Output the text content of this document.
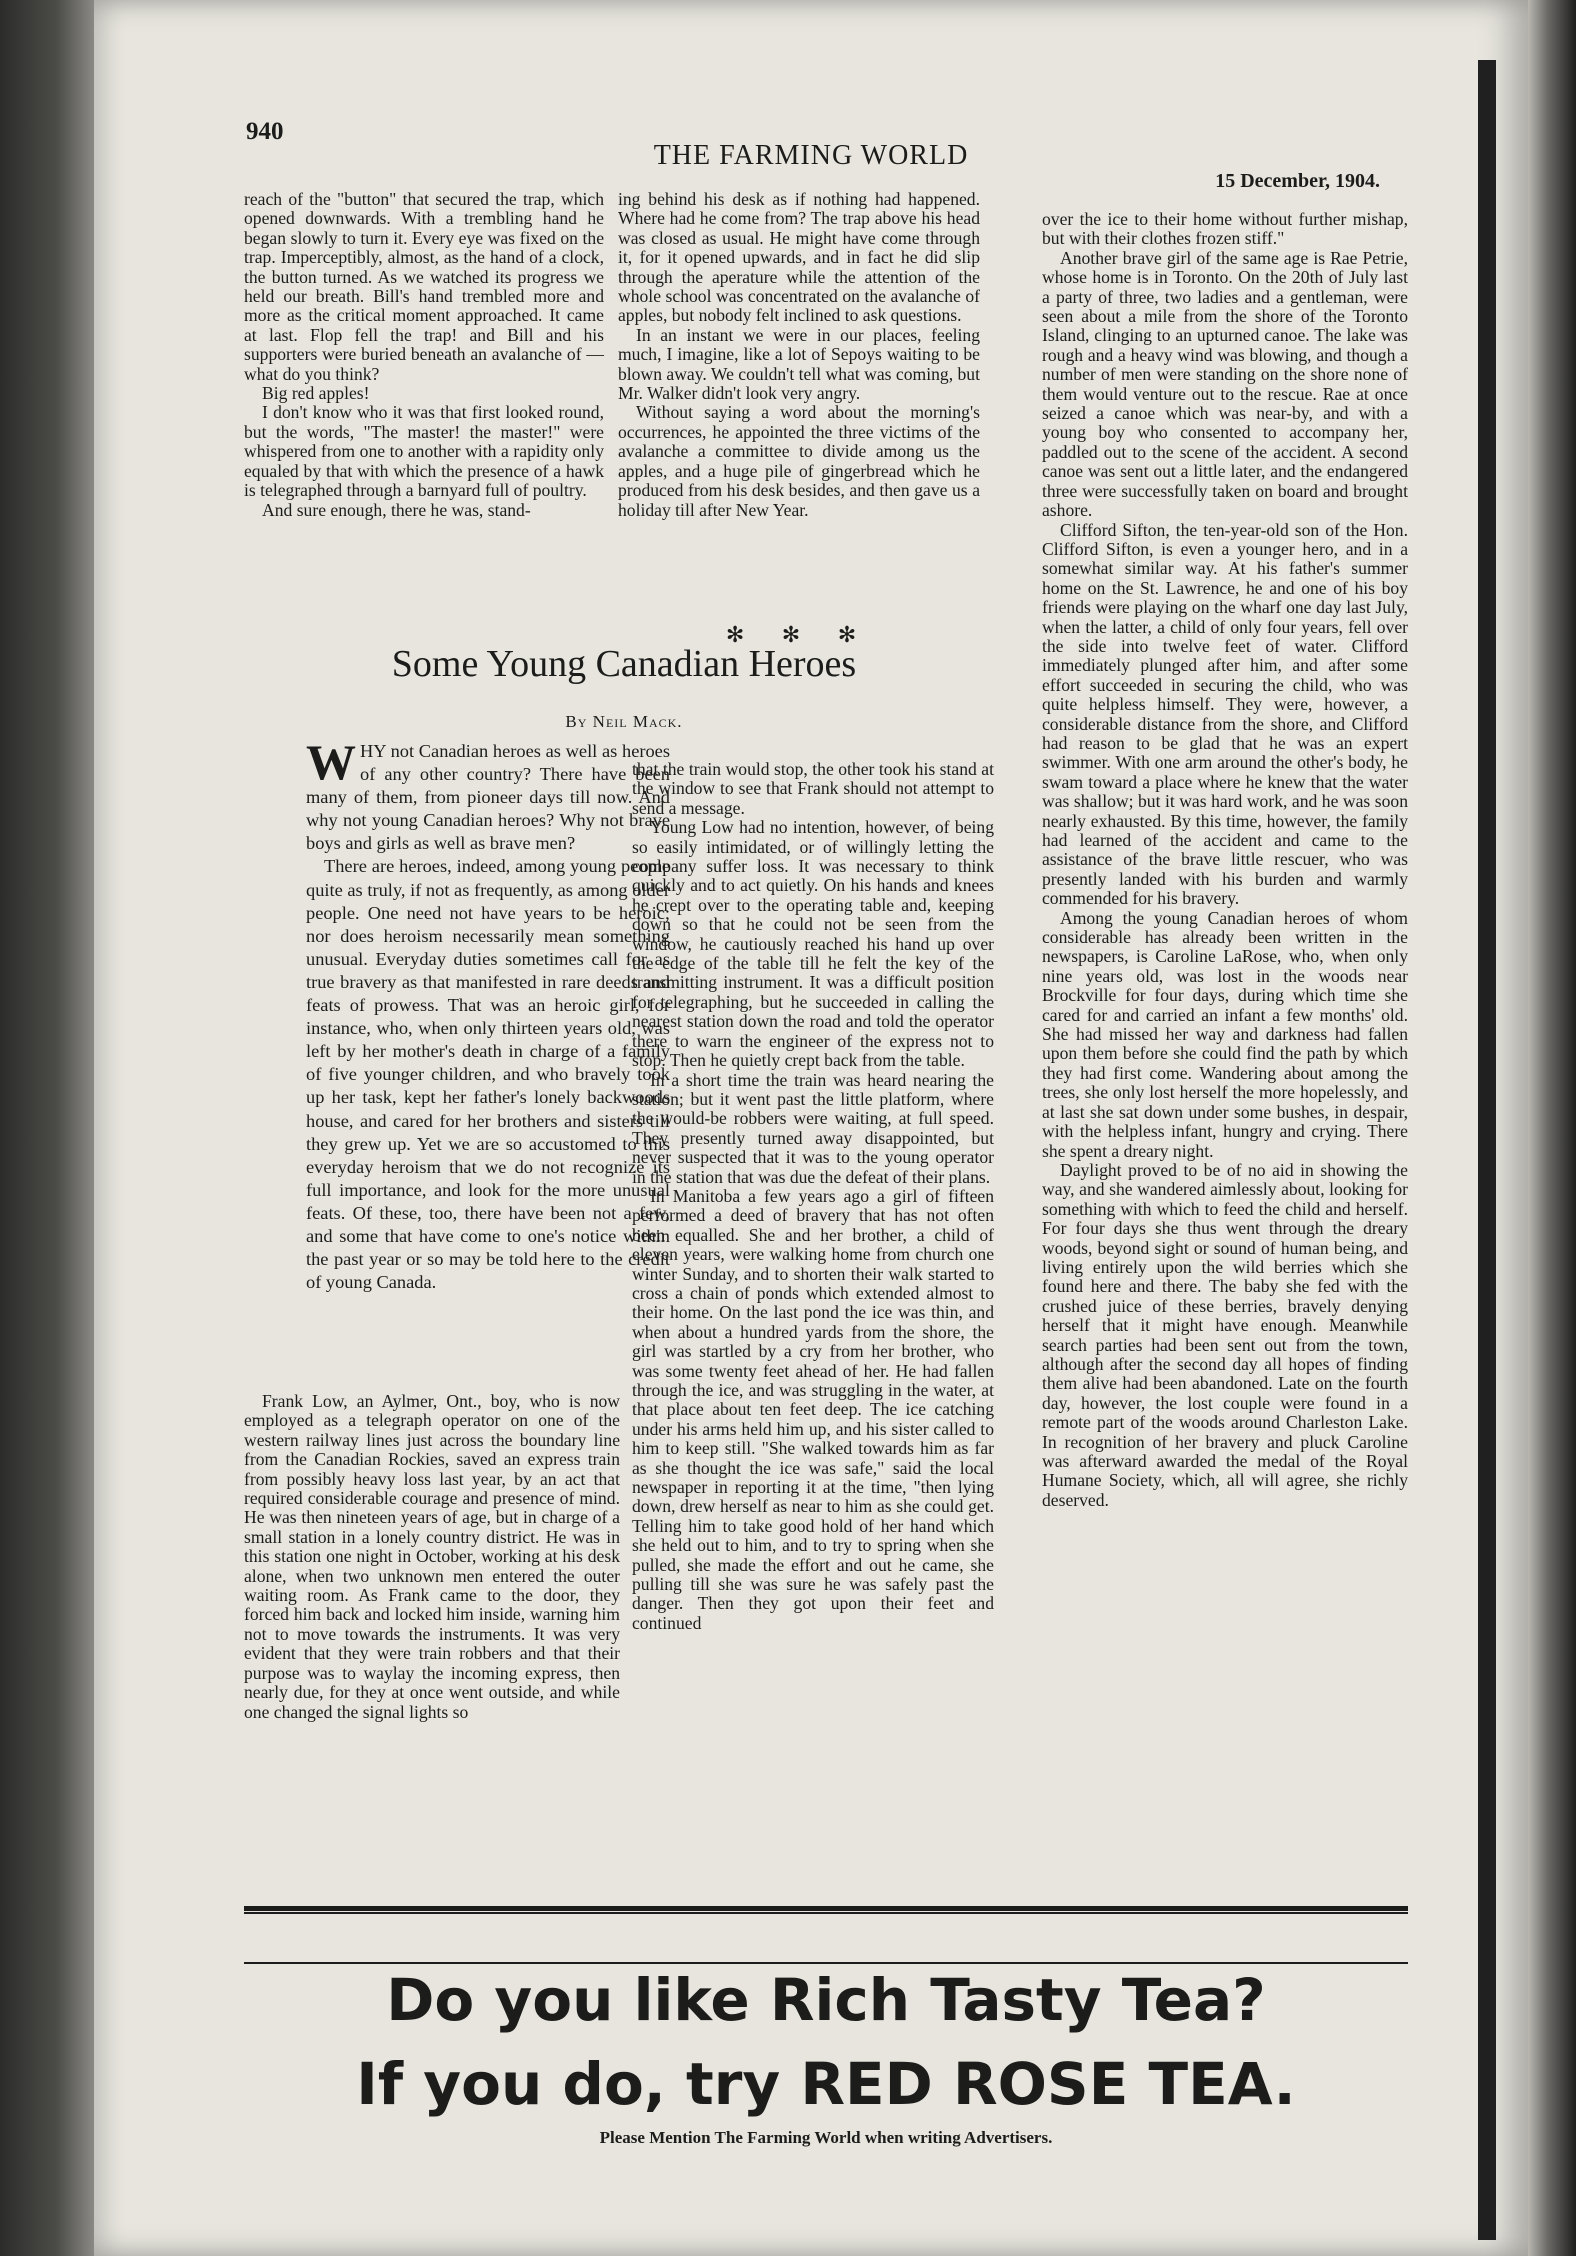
940
THE FARMING WORLD
15 December, 1904.

reach of the "button" that secured the trap, which opened downwards. With a trembling hand he began slowly to turn it. Every eye was fixed on the trap. Imperceptibly, almost, as the hand of a clock, the button turned. As we watched its progress we held our breath. Bill's hand trembled more and more as the critical moment approached. It came at last. Flop fell the trap! and Bill and his supporters were buried beneath an avalanche of —what do you think?

Big red apples!

I don't know who it was that first looked round, but the words, "The master! the master!" were whispered from one to another with a rapidity only equaled by that with which the presence of a hawk is telegraphed through a barnyard full of poultry.

And sure enough, there he was, stand-

ing behind his desk as if nothing had happened. Where had he come from? The trap above his head was closed as usual. He might have come through it, for it opened upwards, and in fact he did slip through the aperature while the attention of the whole school was concentrated on the avalanche of apples, but nobody felt inclined to ask questions.

In an instant we were in our places, feeling much, I imagine, like a lot of Sepoys waiting to be blown away. We couldn't tell what was coming, but Mr. Walker didn't look very angry.

Without saying a word about the morning's occurrences, he appointed the three victims of the avalanche a committee to divide among us the apples, and a huge pile of gingerbread which he produced from his desk besides, and then gave us a holiday till after New Year.

✻ ✻ ✻
Some Young Canadian Heroes
By Neil Mack.

WHY not Canadian heroes as well as heroes of any other country? There have been many of them, from pioneer days till now. And why not young Canadian heroes? Why not brave boys and girls as well as brave men?

There are heroes, indeed, among young people quite as truly, if not as frequently, as among older people. One need not have years to be heroic; nor does heroism necessarily mean something unusual. Everyday duties sometimes call for as true bravery as that manifested in rare deeds and feats of prowess. That was an heroic girl, for instance, who, when only thirteen years old, was left by her mother's death in charge of a family of five younger children, and who bravely took up her task, kept her father's lonely backwoods house, and cared for her brothers and sisters till they grew up. Yet we are so accustomed to this everyday heroism that we do not recognize its full importance, and look for the more unusual feats. Of these, too, there have been not a few, and some that have come to one's notice within the past year or so may be told here to the credit of young Canada.

Frank Low, an Aylmer, Ont., boy, who is now employed as a telegraph operator on one of the western railway lines just across the boundary line from the Canadian Rockies, saved an express train from possibly heavy loss last year, by an act that required considerable courage and presence of mind. He was then nineteen years of age, but in charge of a small station in a lonely country district. He was in this station one night in October, working at his desk alone, when two unknown men entered the outer waiting room. As Frank came to the door, they forced him back and locked him inside, warning him not to move towards the instruments. It was very evident that they were train robbers and that their purpose was to waylay the incoming express, then nearly due, for they at once went outside, and while one changed the signal lights so

that the train would stop, the other took his stand at the window to see that Frank should not attempt to send a message.

Young Low had no intention, however, of being so easily intimidated, or of willingly letting the company suffer loss. It was necessary to think quickly and to act quietly. On his hands and knees he crept over to the operating table and, keeping down so that he could not be seen from the window, he cautiously reached his hand up over the edge of the table till he felt the key of the transmitting instrument. It was a difficult position for telegraphing, but he succeeded in calling the nearest station down the road and told the operator there to warn the engineer of the express not to stop. Then he quietly crept back from the table.

In a short time the train was heard nearing the station; but it went past the little platform, where the would-be robbers were waiting, at full speed. They presently turned away disappointed, but never suspected that it was to the young operator in the station that was due the defeat of their plans.

In Manitoba a few years ago a girl of fifteen performed a deed of bravery that has not often been equalled. She and her brother, a child of eleven years, were walking home from church one winter Sunday, and to shorten their walk started to cross a chain of ponds which extended almost to their home. On the last pond the ice was thin, and when about a hundred yards from the shore, the girl was startled by a cry from her brother, who was some twenty feet ahead of her. He had fallen through the ice, and was struggling in the water, at that place about ten feet deep. The ice catching under his arms held him up, and his sister called to him to keep still. "She walked towards him as far as she thought the ice was safe," said the local newspaper in reporting it at the time, "then lying down, drew herself as near to him as she could get. Telling him to take good hold of her hand which she held out to him, and to try to spring when she pulled, she made the effort and out he came, she pulling till she was sure he was safely past the danger. Then they got upon their feet and continued

over the ice to their home without further mishap, but with their clothes frozen stiff."

Another brave girl of the same age is Rae Petrie, whose home is in Toronto. On the 20th of July last a party of three, two ladies and a gentleman, were seen about a mile from the shore of the Toronto Island, clinging to an upturned canoe. The lake was rough and a heavy wind was blowing, and though a number of men were standing on the shore none of them would venture out to the rescue. Rae at once seized a canoe which was near-by, and with a young boy who consented to accompany her, paddled out to the scene of the accident. A second canoe was sent out a little later, and the endangered three were successfully taken on board and brought ashore.

Clifford Sifton, the ten-year-old son of the Hon. Clifford Sifton, is even a younger hero, and in a somewhat similar way. At his father's summer home on the St. Lawrence, he and one of his boy friends were playing on the wharf one day last July, when the latter, a child of only four years, fell over the side into twelve feet of water. Clifford immediately plunged after him, and after some effort succeeded in securing the child, who was quite helpless himself. They were, however, a considerable distance from the shore, and Clifford had reason to be glad that he was an expert swimmer. With one arm around the other's body, he swam toward a place where he knew that the water was shallow; but it was hard work, and he was soon nearly exhausted. By this time, however, the family had learned of the accident and came to the assistance of the brave little rescuer, who was presently landed with his burden and warmly commended for his bravery.

Among the young Canadian heroes of whom considerable has already been written in the newspapers, is Caroline LaRose, who, when only nine years old, was lost in the woods near Brockville for four days, during which time she cared for and carried an infant a few months' old. She had missed her way and darkness had fallen upon them before she could find the path by which they had first come. Wandering about among the trees, she only lost herself the more hopelessly, and at last she sat down under some bushes, in despair, with the helpless infant, hungry and crying. There she spent a dreary night.

Daylight proved to be of no aid in showing the way, and she wandered aimlessly about, looking for something with which to feed the child and herself. For four days she thus went through the dreary woods, beyond sight or sound of human being, and living entirely upon the wild berries which she found here and there. The baby she fed with the crushed juice of these berries, bravely denying herself that it might have enough. Meanwhile search parties had been sent out from the town, although after the second day all hopes of finding them alive had been abandoned. Late on the fourth day, however, the lost couple were found in a remote part of the woods around Charleston Lake. In recognition of her bravery and pluck Caroline was afterward awarded the medal of the Royal Humane Society, which, all will agree, she richly deserved.

Do you like Rich Tasty Tea?
If you do, try RED ROSE TEA.
Please Mention The Farming World when writing Advertisers.
